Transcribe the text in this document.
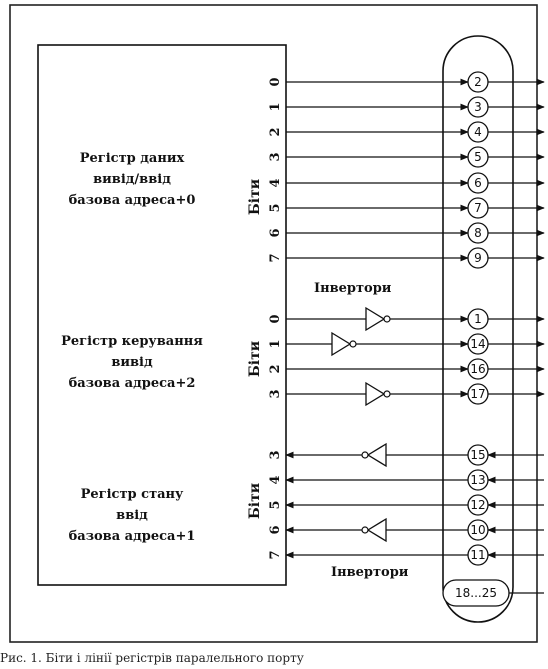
0	2
1	3
2	4
3	5
4	6
5	7
6	8
7	9
0	1
1	14
2	16
3	17
3	15
4	13
5	12
6	10
7	11
18...25
Регістр даних
вивід/ввід
базова адреса+0
Регістр керування
вивід
базова адреса+2
Регістр стану
ввід
базова адреса+1
Біти
Біти
Біти
Інвертори
Інвертори
Рис. 1. Біти і лінії регістрів паралельного порту
